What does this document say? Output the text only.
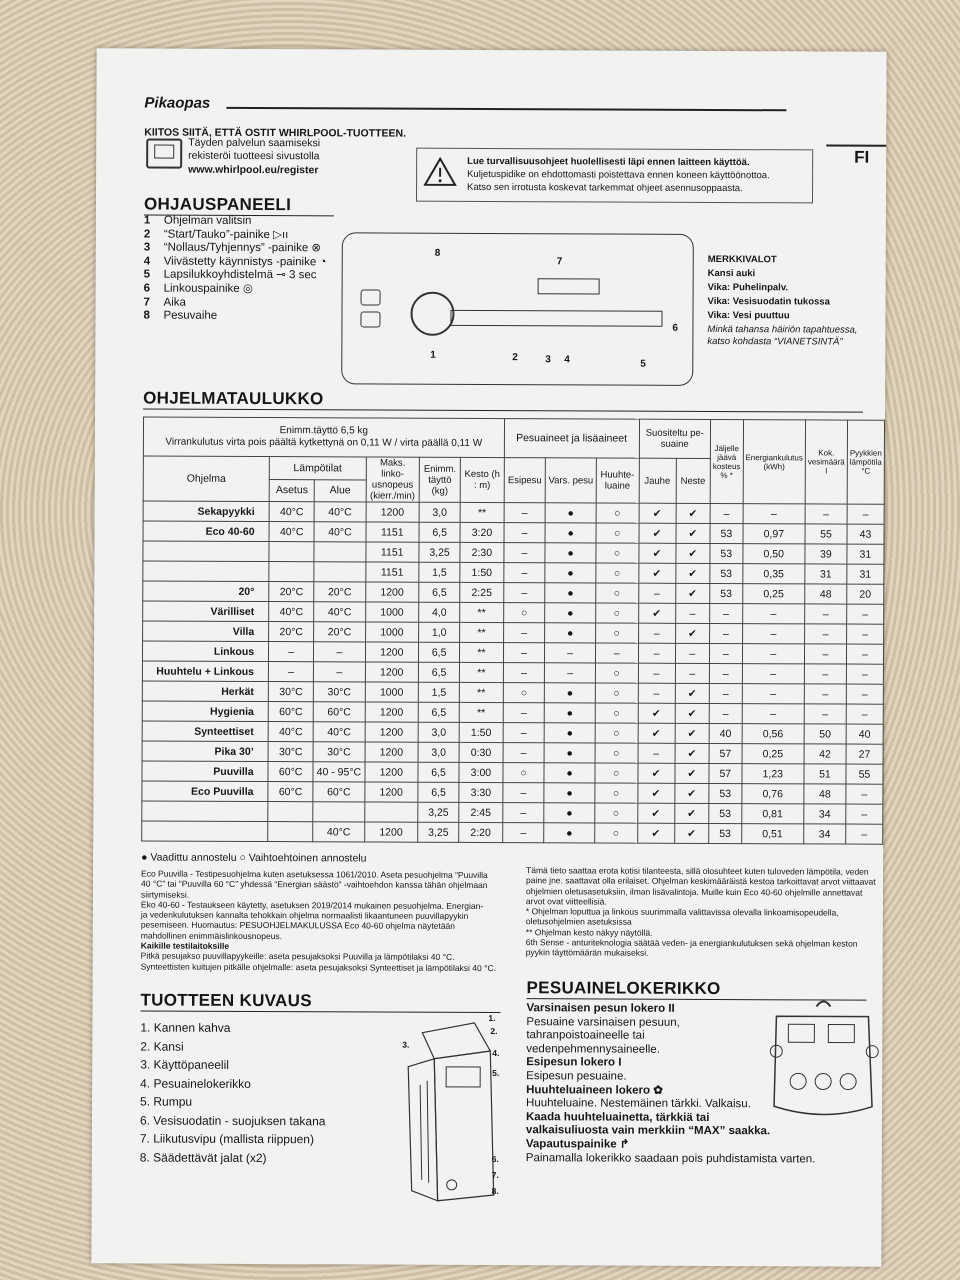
Pikaopas
FI
KIITOS SIITÄ, ETTÄ OSTIT WHIRLPOOL-TUOTTEEN.
Täyden palvelun saamiseksi
rekisteröi tuotteesi sivustolla
www.whirlpool.eu/register
Lue turvallisuusohjeet huolellisesti läpi ennen laitteen käyttöä.
Kuljetuspidike on ehdottomasti poistettava ennen koneen käyttöönottoa.
Katso sen irrotusta koskevat tarkemmat ohjeet asennusoppaasta.
OHJAUSPANEELI
1 Ohjelman valitsin
2 “Start/Tauko”-painike ▷ıı
3 “Nollaus/Tyhjennys” -painike ⊗
4 Viivästetty käynnistys -painike ◔
5 Lapsilukkoyhdistelmä ⊸ 3 sec
6 Linkouspainike ◎
7 Aika
8 Pesuvaihe
8
7
1	2	3 4	5
6
MERKKIVALOT
Kansi auki
Vika: Puhelinpalv.
Vika: Vesisuodatin tukossa
Vika: Vesi puuttuu
Minkä tahansa häiriön tapahtuessa,
katso kohdasta “VIANETSINTÄ”
OHJELMATAULUKKO
Enimm.täyttö 6,5 kg
Virrankulutus virta pois päältä kytkettynä on 0,11 W / virta päällä 0,11 W						Pesuaineet ja lisäaineet			Suositeltu pe-suaine		Jäljelle jäävä kosteus % *	Energiankulutus (kWh)	Kok. vesimäärä l	Pyykkien lämpötila °C
Ohjelma	Lämpötilat		Maks. linko-usnopeus (kierr./min)	Enimm. täyttö (kg)	Kesto (h : m)	Esipesu	Vars. pesu	Huuhte-luaine	Jauhe	Neste				
	Asetus	Alue												
Sekapyykki	40°C	40°C	1200	3,0	**	–	●	○	✔	✔	–	–	–	–
Eco 40-60	40°C	40°C	1151	6,5	3:20	–	●	○	✔	✔	53	0,97	55	43
			1151	3,25	2:30	–	●	○	✔	✔	53	0,50	39	31
			1151	1,5	1:50	–	●	○	✔	✔	53	0,35	31	31
20°	20°C	20°C	1200	6,5	2:25	–	●	○	–	✔	53	0,25	48	20
Värilliset	40°C	40°C	1000	4,0	**	○	●	○	✔	–	–	–	–	–
Villa	20°C	20°C	1000	1,0	**	–	●	○	–	✔	–	–	–	–
Linkous	–	–	1200	6,5	**	–	–	–	–	–	–	–	–	–
Huuhtelu + Linkous	–	–	1200	6,5	**	–	–	○	–	–	–	–	–	–
Herkät	30°C	30°C	1000	1,5	**	○	●	○	–	✔	–	–	–	–
Hygienia	60°C	60°C	1200	6,5	**	–	●	○	✔	✔	–	–	–	–
Synteettiset	40°C	40°C	1200	3,0	1:50	–	●	○	✔	✔	40	0,56	50	40
Pika 30’	30°C	30°C	1200	3,0	0:30	–	●	○	–	✔	57	0,25	42	27
Puuvilla	60°C	40 - 95°C	1200	6,5	3:00	○	●	○	✔	✔	57	1,23	51	55
Eco Puuvilla	60°C	60°C	1200	6,5	3:30	–	●	○	✔	✔	53	0,76	48	–
				3,25	2:45	–	●	○	✔	✔	53	0,81	34	–
		40°C	1200	3,25	2:20	–	●	○	✔	✔	53	0,51	34	–
● Vaadittu annostelu ○ Vaihtoehtoinen annostelu
Eco Puuvilla - Testipesuohjelma kuten asetuksessa 1061/2010. Aseta pesuohjelma “Puuvilla
40 °C” tai “Puuvilla 60 °C” yhdessä “Energian säästö” -vaihtoehdon kanssa tähän ohjelmaan
siirtymiseksi.
Eko 40-60 - Testaukseen käytetty, asetuksen 2019/2014 mukainen pesuohjelma. Energian-
ja vedenkulutuksen kannalta tehokkain ohjelma normaalisti likaantuneen puuvillapyykin
pesemiseen. Huomautus: PESUOHJELMAKULUSSA Eco 40-60 ohjelma näytetään
mahdollinen enimmäislinkousnopeus.
Kaikille testilaitoksille
Pitkä pesujakso puuvillapyykeille: aseta pesujaksoksi Puuvilla ja lämpötilaksi 40 °C.
Synteettisten kuitujen pitkälle ohjelmalle: aseta pesujaksoksi Synteettiset ja lämpötilaksi 40 °C.
Tämä tieto saattaa erota kotisi tilanteesta, sillä olosuhteet kuten tuloveden lämpötila, veden
paine jne. saattavat olla erilaiset. Ohjelman keskimääräistä kestoa tarkoittavat arvot viittaavat
ohjelmien oletusasetuksiin, ilman lisävalintoja. Muille kuin Eco 40-60 ohjelmille annettavat
arvot ovat viitteellisiä.
* Ohjelman loputtua ja linkous suurimmalla valittavissa olevalla linkoamisopeudella,
oletusohjelmien asetuksissa
** Ohjelman kesto näkyy näytöllä.
6th Sense - anturiteknologia säätää veden- ja energiankulutuksen sekä ohjelman keston
pyykin täyttömäärän mukaiseksi.
TUOTTEEN KUVAUS
1. Kannen kahva
2. Kansi
3. Käyttöpaneelil
4. Pesuainelokerikko
5. Rumpu
6. Vesisuodatin - suojuksen takana
7. Liikutusvipu (mallista riippuen)
8. Säädettävät jalat (x2)
1.
2.
3.
4.
5.
6.
7.
8.
PESUAINELOKERIKKO
Varsinaisen pesun lokero II
Pesuaine varsinaisen pesuun,
tahranpoistoaineelle tai
vedenpehmennysaineelle.
Esipesun lokero I
Esipesun pesuaine.
Huuhteluaineen lokero ✿
Huuhteluaine. Nestemäinen tärkki. Valkaisu.
Kaada huuhteluainetta, tärkkiä tai
valkaisuliuosta vain merkkiin “MAX” saakka.
Vapautuspainike ↱
Painamalla lokerikko saadaan pois puhdistamista varten.
